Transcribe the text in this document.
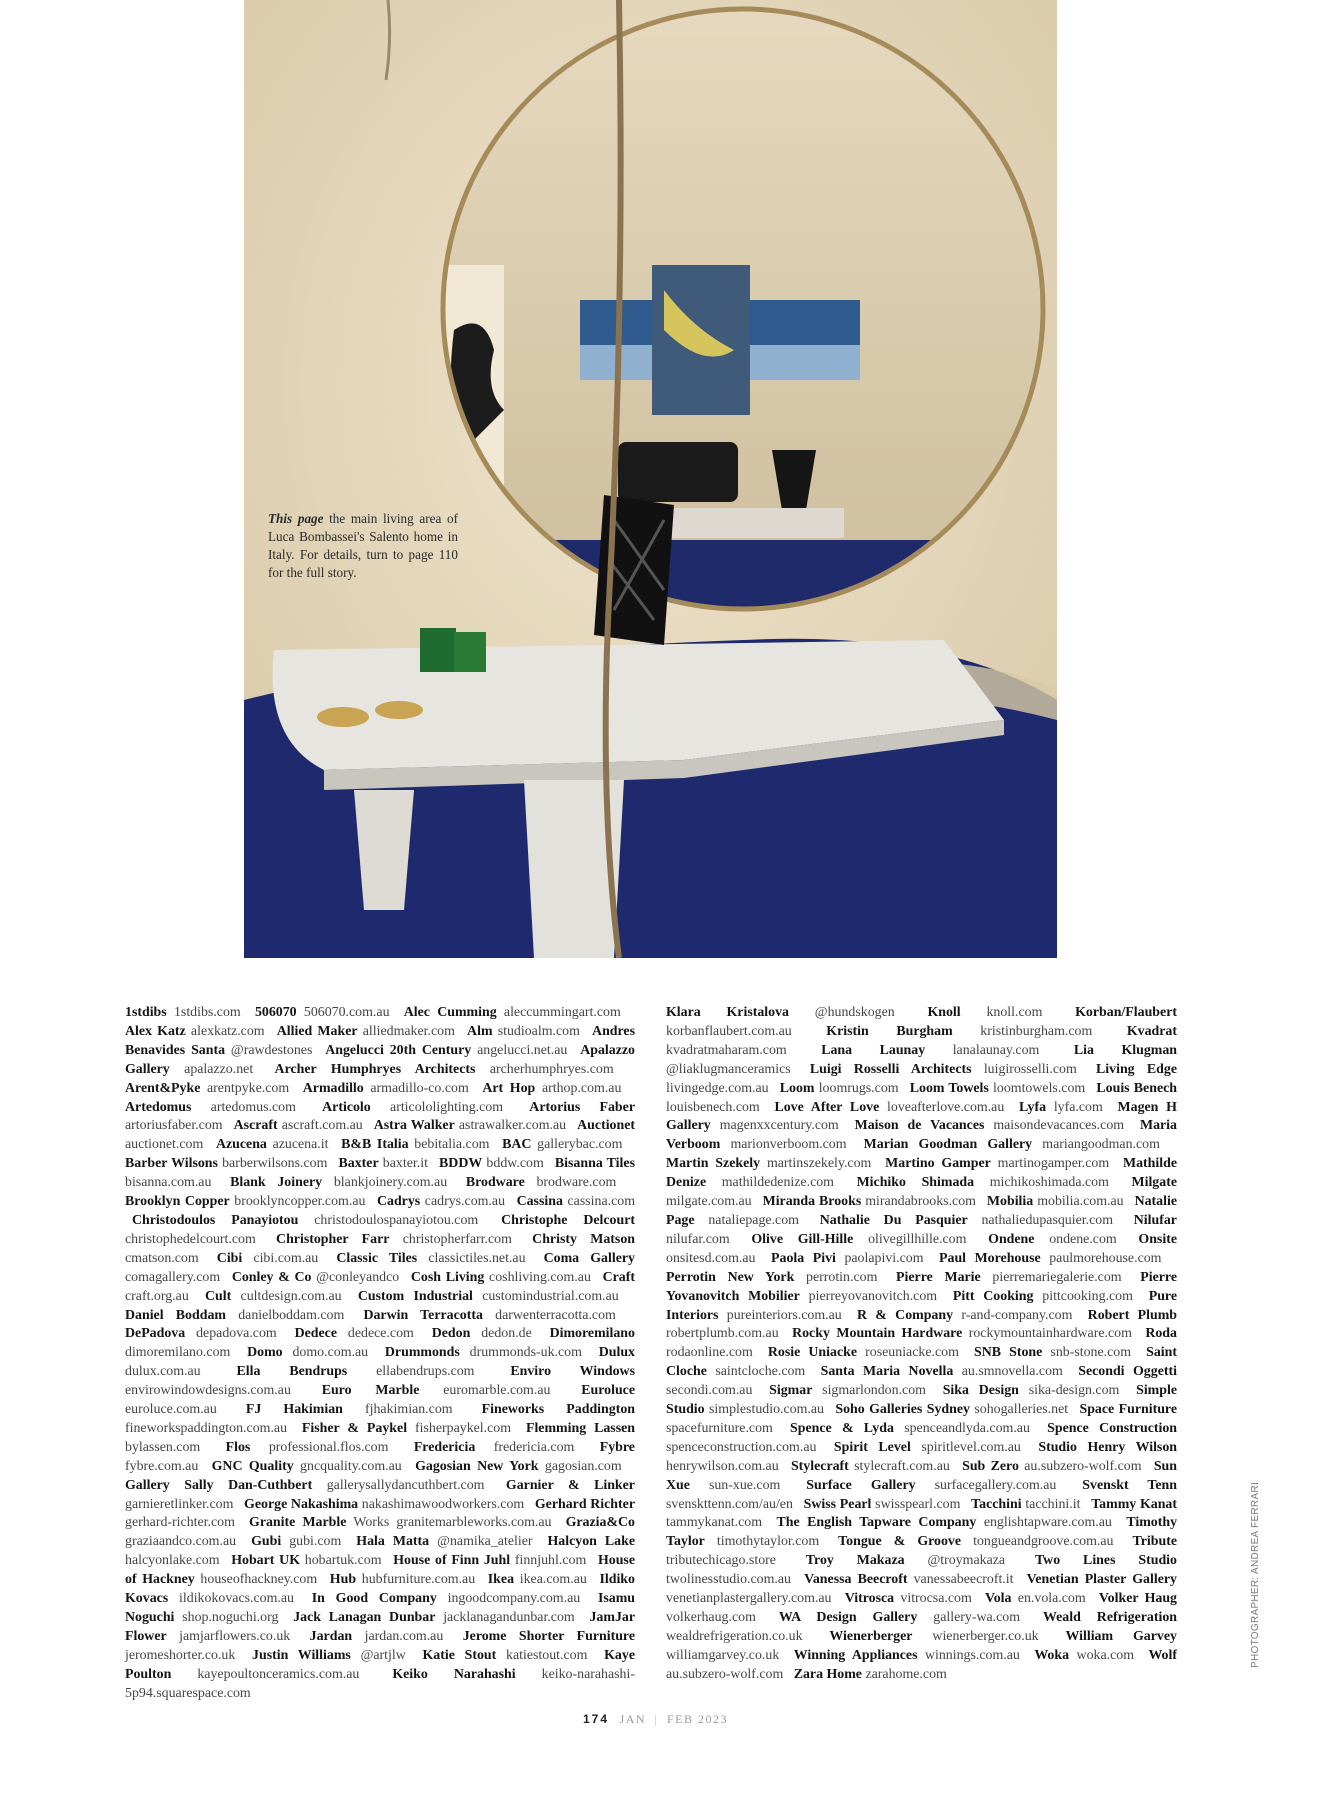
This page the main living area of Luca Bombassei's Salento home in Italy. For details, turn to page 110 for the full story.
1stdibs 1stdibs.com   506070 506070.com.au   Alec Cumming aleccummingart.com  Alex Katz alexkatz.com   Allied Maker alliedmaker.com   Alm studioalm.com   Andres Benavides Santa @rawdestones   Angelucci 20th Century angelucci.net.au   Apalazzo Gallery apalazzo.net   Archer Humphryes Architects archerhumphryes.com  Arent&Pyke arentpyke.com   Armadillo armadillo-co.com   Art Hop arthop.com.au  Artedomus artedomus.com   Articolo articololighting.com   Artorius Faber artoriusfaber.com   Ascraft ascraft.com.au   Astra Walker astrawalker.com.au   Auctionet auctionet.com   Azucena azucena.it   B&B Italia bebitalia.com   BAC gallerybac.com  Barber Wilsons barberwilsons.com   Baxter baxter.it   BDDW bddw.com   Bisanna Tiles bisanna.com.au   Blank Joinery blankjoinery.com.au   Brodware brodware.com  Brooklyn Copper brooklyncopper.com.au   Cadrys cadrys.com.au   Cassina cassina.com  Christodoulos Panayiotou christodoulospanayiotou.com   Christophe Delcourt christophedelcourt.com   Christopher Farr christopherfarr.com   Christy Matson cmatson.com   Cibi cibi.com.au   Classic Tiles classictiles.net.au   Coma Gallery comagallery.com   Conley & Co @conleyandco   Cosh Living coshliving.com.au   Craft craft.org.au   Cult cultdesign.com.au   Custom Industrial customindustrial.com.au  Daniel Boddam danielboddam.com   Darwin Terracotta darwenterracotta.com  DePadova depadova.com   Dedece dedece.com   Dedon dedon.de   Dimoremilano dimoremilano.com   Domo domo.com.au   Drummonds drummonds-uk.com   Dulux dulux.com.au  	Ella Bendrups ellabendrups.com  	Enviro Windows envirowindowdesigns.com.au   Euro Marble euromarble.com.au   Euroluce euroluce.com.au   FJ Hakimian fjhakimian.com   Fineworks Paddington fineworkspaddington.com.au   Fisher & Paykel fisherpaykel.com   Flemming Lassen bylassen.com   Flos professional.flos.com   Fredericia fredericia.com   Fybre fybre.com.au   GNC Quality gncquality.com.au   Gagosian New York gagosian.com  Gallery Sally Dan-Cuthbert gallerysallydancuthbert.com   Garnier & Linker garnieretlinker.com   George Nakashima nakashimawoodworkers.com   Gerhard Richter gerhard-richter.com   Granite Marble Works granitemarbleworks.com.au   Grazia&Co graziaandco.com.au   Gubi gubi.com   Hala Matta @namika_atelier   Halcyon Lake halcyonlake.com   Hobart UK hobartuk.com   House of Finn Juhl finnjuhl.com   House of Hackney houseofhackney.com   Hub hubfurniture.com.au   Ikea ikea.com.au   Ildiko Kovacs ildikokovacs.com.au   In Good Company ingoodcompany.com.au   Isamu Noguchi shop.noguchi.org   Jack Lanagan Dunbar jacklanagandunbar.com   JamJar Flower jamjarflowers.co.uk   Jardan jardan.com.au   Jerome Shorter Furniture jeromeshorter.co.uk   Justin Williams @artjlw   Katie Stout katiestout.com   Kaye Poulton kayepoultonceramics.com.au   Keiko Narahashi keiko-narahashi-5p94.squarespace.com  
Klara Kristalova @hundskogen   Knoll knoll.com   Korban/Flaubert korbanflaubert.com.au   Kristin Burgham kristinburgham.com   Kvadrat kvadratmaharam.com   Lana Launay lanalaunay.com   Lia Klugman @liaklugmanceramics   Luigi Rosselli Architects luigirosselli.com   Living Edge livingedge.com.au   Loom loomrugs.com   Loom Towels loomtowels.com   Louis Benech louisbenech.com   Love After Love loveafterlove.com.au   Lyfa lyfa.com   Magen H Gallery magenxxcentury.com   Maison de Vacances maisondevacances.com   Maria Verboom marionverboom.com   Marian Goodman Gallery mariangoodman.com  Martin Szekely martinszekely.com   Martino Gamper martinogamper.com   Mathilde Denize mathildedenize.com   Michiko Shimada michikoshimada.com   Milgate milgate.com.au   Miranda Brooks mirandabrooks.com   Mobilia mobilia.com.au   Natalie Page nataliepage.com   Nathalie Du Pasquier nathaliedupasquier.com   Nilufar nilufar.com   Olive Gill-Hille olivegillhille.com   Ondene ondene.com   Onsite onsitesd.com.au   Paola Pivi paolapivi.com   Paul Morehouse paulmorehouse.com  Perrotin New York perrotin.com   Pierre Marie pierremariegalerie.com   Pierre Yovanovitch Mobilier pierreyovanovitch.com   Pitt Cooking pittcooking.com   Pure Interiors pureinteriors.com.au   R & Company r-and-company.com   Robert Plumb robertplumb.com.au   Rocky Mountain Hardware rockymountainhardware.com   Roda rodaonline.com   Rosie Uniacke roseuniacke.com   SNB Stone snb-stone.com   Saint Cloche saintcloche.com   Santa Maria Novella au.smnovella.com   Secondi Oggetti secondi.com.au   Sigmar sigmarlondon.com   Sika Design sika-design.com   Simple Studio simplestudio.com.au   Soho Galleries Sydney sohogalleries.net   Space Furniture spacefurniture.com   Spence & Lyda spenceandlyda.com.au   Spence Construction spenceconstruction.com.au   Spirit Level spiritlevel.com.au   Studio Henry Wilson henrywilson.com.au   Stylecraft stylecraft.com.au   Sub Zero au.subzero-wolf.com   Sun Xue sun-xue.com   Surface Gallery surfacegallery.com.au   Svenskt Tenn svenskttenn.com/au/en   Swiss Pearl swisspearl.com   Tacchini tacchini.it   Tammy Kanat tammykanat.com   The English Tapware Company englishtapware.com.au   Timothy Taylor timothytaylor.com   Tongue & Groove tongueandgroove.com.au   Tribute tributechicago.store   Troy Makaza @troymakaza   Two Lines Studio twolinesstudio.com.au   Vanessa Beecroft vanessabeecroft.it   Venetian Plaster Gallery venetianplastergallery.com.au   Vitrosca vitrocsa.com   Vola en.vola.com   Volker Haug volkerhaug.com   WA Design Gallery gallery-wa.com   Weald Refrigeration wealdrefrigeration.co.uk   Wienerberger wienerberger.co.uk   William Garvey williamgarvey.co.uk   Winning Appliances winnings.com.au   Woka woka.com   Wolf au.subzero-wolf.com   Zara Home zarahome.com  
174 JAN | FEB 2023
PHOTOGRAPHER: ANDREA FERRARI
